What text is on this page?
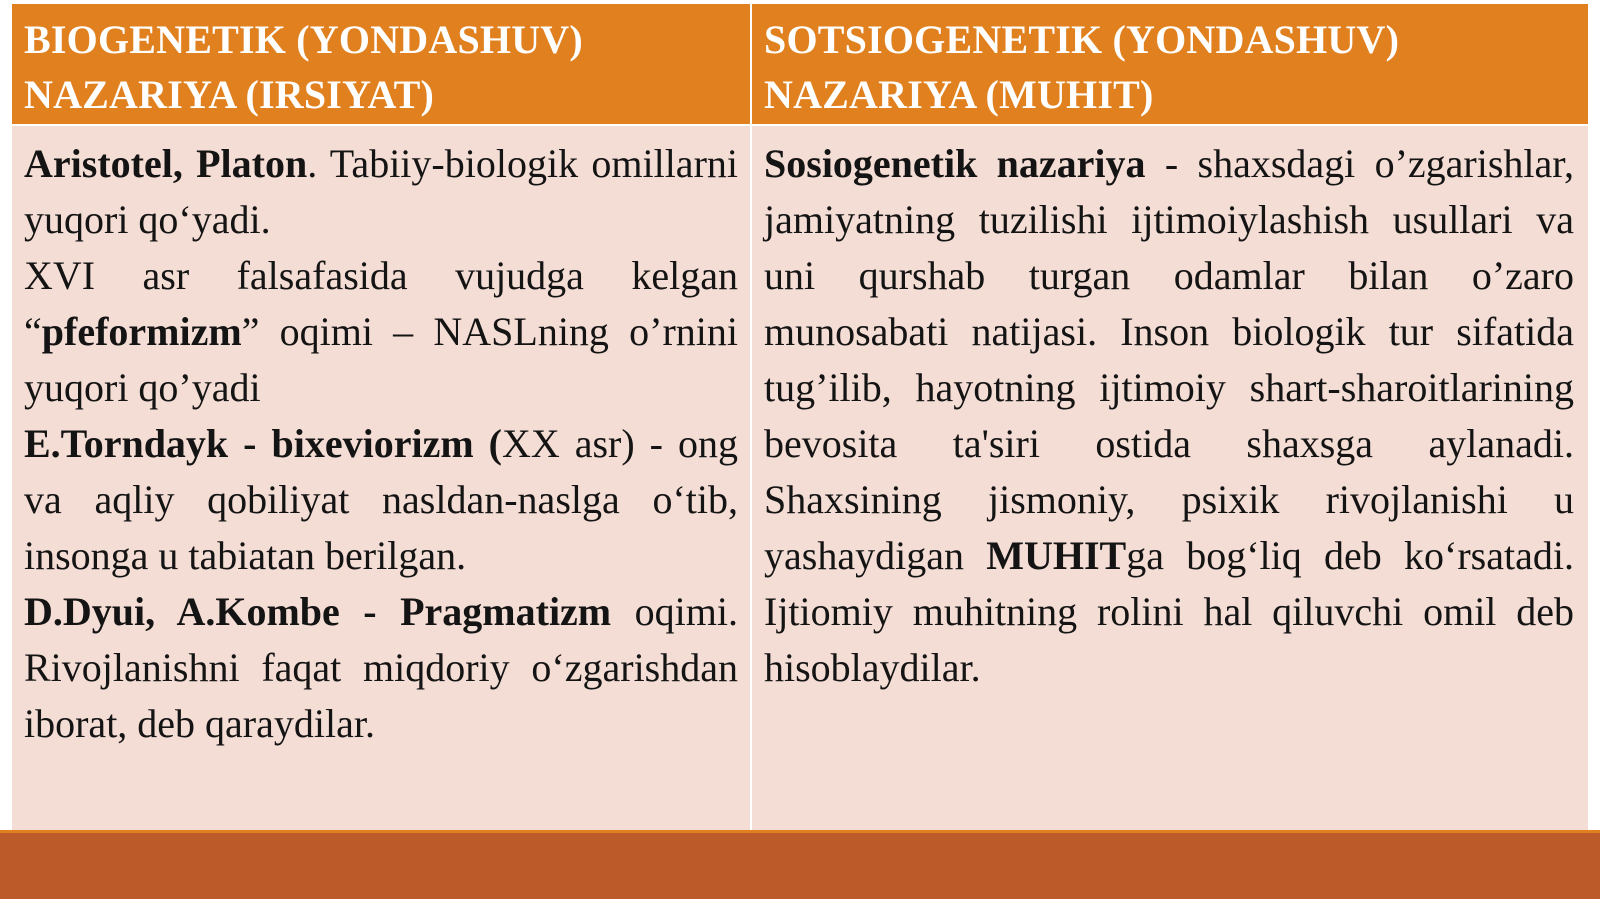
BIOGENETIK (YONDASHUV) NAZARIYA (IRSIYAT)
SOTSIOGENETIK (YONDASHUV) NAZARIYA (MUHIT)

Aristotel, Platon. Tabiiy-biologik omillarni yuqori qo‘yadi.

XVI asr falsafasida vujudga kelgan “pfeformizm” oqimi – NASLning o’rnini yuqori qo’yadi

E.Torndayk - bixeviorizm (XX asr) - ong va aqliy qobiliyat nasldan-naslga o‘tib, insonga u tabiatan berilgan.

D.Dyui, A.Kombe - Pragmatizm oqimi. Rivojlanishni faqat miqdoriy o‘zgarishdan iborat, deb qaraydilar.

Sosiogenetik nazariya - shaxsdagi o’zgarishlar, jamiyatning tuzilishi ijtimoiylashish usullari va uni qurshab turgan odamlar bilan o’zaro munosabati natijasi. Inson biologik tur sifatida tug’ilib, hayotning ijtimoiy shart-sharoitlarining bevosita ta'siri ostida shaxsga aylanadi. Shaxsining jismoniy, psixik rivojlanishi u yashaydigan MUHITga bog‘liq deb ko‘rsatadi. Ijtiomiy muhitning rolini hal qiluvchi omil deb hisoblaydilar.
